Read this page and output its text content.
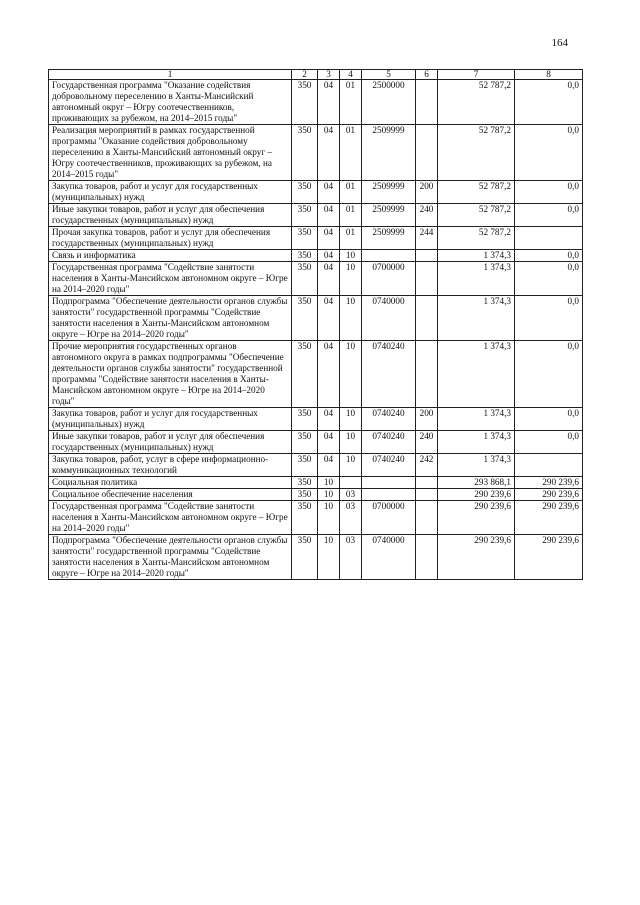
164
1	2	3	4	5	6	7	8
Государственная программа "Оказание содействия добровольному переселению в Ханты-Мансийский автономный округ – Югру соотечественников, проживающих за рубежом, на 2014–2015 годы"	350	04	01	2500000		52 787,2	0,0
Реализация мероприятий в рамках государственной программы "Оказание содействия добровольному переселению в Ханты-Мансийский автономный округ – Югру соотечественников, проживающих за рубежом, на 2014–2015 годы"	350	04	01	2509999		52 787,2	0,0
Закупка товаров, работ и услуг для государственных (муниципальных) нужд	350	04	01	2509999	200	52 787,2	0,0
Иные закупки товаров, работ и услуг для обеспечения государственных (муниципальных) нужд	350	04	01	2509999	240	52 787,2	0,0
Прочая закупка товаров, работ и услуг для обеспечения государственных (муниципальных) нужд	350	04	01	2509999	244	52 787,2	
Связь и информатика	350	04	10			1 374,3	0,0
Государственная программа "Содействие занятости населения в Ханты-Мансийском автономном округе – Югре на 2014–2020 годы"	350	04	10	0700000		1 374,3	0,0
Подпрограмма "Обеспечение деятельности органов службы занятости" государственной программы "Содействие занятости населения в Ханты-Мансийском автономном округе – Югре на 2014–2020 годы"	350	04	10	0740000		1 374,3	0,0
Прочие мероприятия государственных органов автономного округа в рамках подпрограммы "Обеспечение деятельности органов службы занятости" государственной программы "Содействие занятости населения в Ханты-Мансийском автономном округе – Югре на 2014–2020 годы"	350	04	10	0740240		1 374,3	0,0
Закупка товаров, работ и услуг для государственных (муниципальных) нужд	350	04	10	0740240	200	1 374,3	0,0
Иные закупки товаров, работ и услуг для обеспечения государственных (муниципальных) нужд	350	04	10	0740240	240	1 374,3	0,0
Закупка товаров, работ, услуг в сфере информационно-коммуникационных технологий	350	04	10	0740240	242	1 374,3	
Социальная политика	350	10				293 868,1	290 239,6
Социальное обеспечение населения	350	10	03			290 239,6	290 239,6
Государственная программа "Содействие занятости населения в Ханты-Мансийском автономном округе – Югре на 2014–2020 годы"	350	10	03	0700000		290 239,6	290 239,6
Подпрограмма "Обеспечение деятельности органов службы занятости" государственной программы "Содействие занятости населения в Ханты-Мансийском автономном округе – Югре на 2014–2020 годы"	350	10	03	0740000		290 239,6	290 239,6
